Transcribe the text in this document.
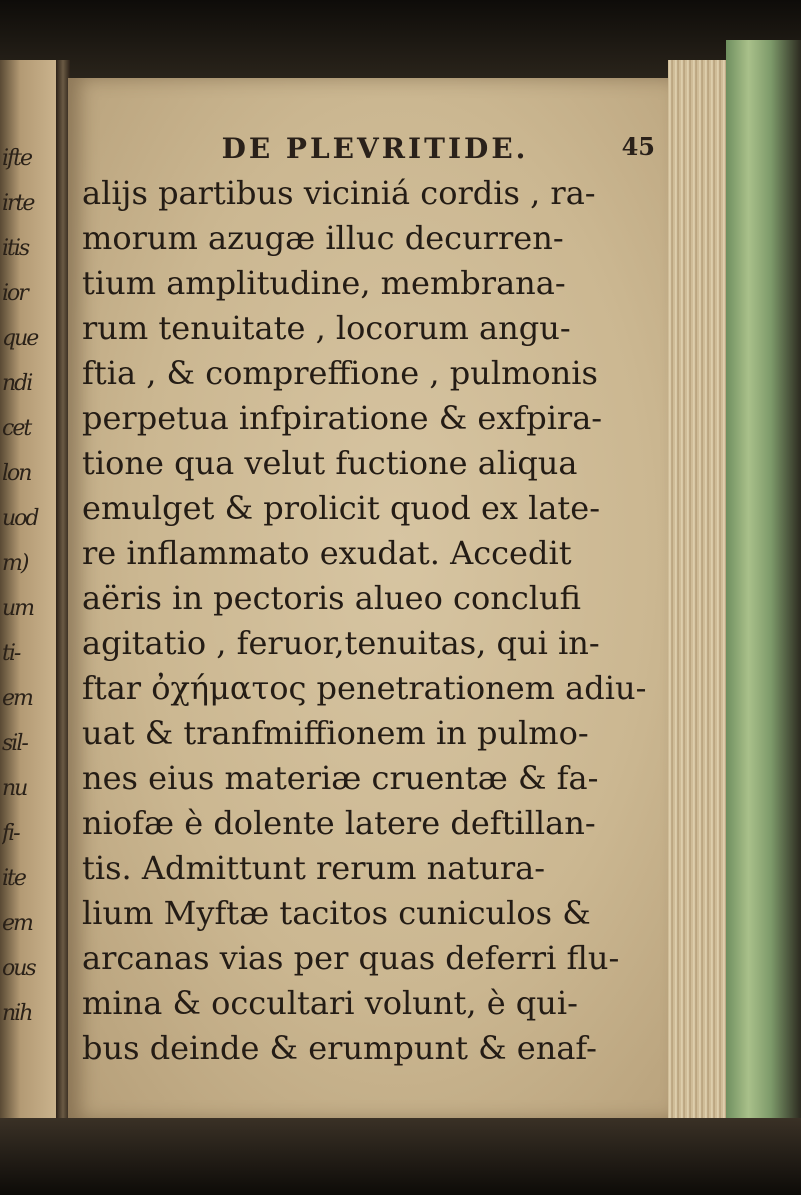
ifte
irte
itis
ior
que
ndi
cet
lon
uod
m)
um
ti-
em
sil-
nu
fi-
ite
em
ous
nih
DE PLEVRITIDE.	45
alijs partibus viciniá cordis , ra-
morum azugæ illuc decurren-
tium amplitudine, membrana-
rum tenuitate , locorum angu-
ftia , & compreffione , pulmonis
perpetua infpiratione & exfpira-
tione qua velut fuctione aliqua
emulget & prolicit quod ex late-
re inflammato exudat. Accedit
aëris in pectoris alueo conclufi
agitatio , feruor,tenuitas, qui in-
ftar ὀχήματος penetrationem adiu-
uat & tranfmiffionem in pulmo-
nes eius materiæ cruentæ & fa-
niofæ è dolente latere deftillan-
tis. Admittunt rerum natura-
lium Myftæ tacitos cuniculos &
arcanas vias per quas deferri flu-
mina & occultari volunt, è qui-
bus deinde & erumpunt & enaf-
